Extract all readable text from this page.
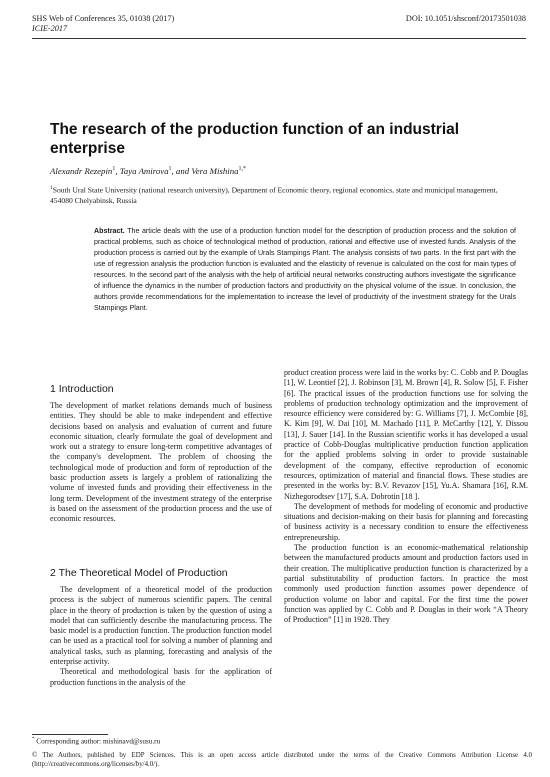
SHS Web of Conferences 35, 01038 (2017)
ICIE-2017
DOI: 10.1051/shsconf/20173501038
The research of the production function of an industrial enterprise
Alexandr Rezepin$^1$, Taya Amirova$^1$, and Vera Mishina$^{1,*}$
$^1$South Ural State University (national research university), Department of Economic theory, regional economics, state and municipal management, 454080 Chelyabinsk, Russia
Abstract. The article deals with the use of a production function model for the description of production process and the solution of practical problems, such as choice of technological method of production, rational and effective use of invested funds. Analysis of the production process is carried out by the example of Urals Stampings Plant. The analysis consists of two parts. In the first part with the use of regression analysis the production function is evaluated and the elasticity of revenue is calculated on the cost for main types of resources. In the second part of the analysis with the help of artificial neural networks constructing authors investigate the significance of influence the dynamics in the number of production factors and productivity on the physical volume of the issue. In conclusion, the authors provide recommendations for the implementation to increase the level of productivity of the investment strategy for the Urals Stampings Plant.
1 Introduction

The development of market relations demands much of business entities. They should be able to make independent and effective decisions based on analysis and evaluation of current and future economic situation, clearly formulate the goal of development and work out a strategy to ensure long-term competitive advantages of the company's development. The problem of choosing the technological mode of production and form of reproduction of the basic production assets is largely a problem of rationalizing the volume of invested funds and providing their effectiveness in the long term. Development of the investment strategy of the enterprise is based on the assessment of the production process and the use of economic resources.

2 The Theoretical Model of Production

The development of a theoretical model of the production process is the subject of numerous scientific papers. The central place in the theory of production is taken by the question of using a model that can sufficiently describe the manufacturing process. The basic model is a production function. The production function model can be used as a practical tool for solving a number of planning and analytical tasks, such as planning, forecasting and analysis of the enterprise activity.

Theoretical and methodological basis for the application of production functions in the analysis of the

product creation process were laid in the works by: C. Cobb and P. Douglas [1], W. Leontief [2], J. Robinson [3], M. Brown [4], R. Solow [5], F. Fisher [6]. The practical issues of the production functions use for solving the problems of production technology optimization and the improvement of resource efficiency were considered by: G. Williams [7], J. McCombie [8], K. Kim [9], W. Dai [10], M. Machado [11], P. McCarthy [12], Y. Dissou [13], J. Sauer [14]. In the Russian scientific works it has developed a usual practice of Cobb-Douglas multiplicative production function application for the applied problems solving in order to provide sustainable development of the company, effective reproduction of economic resources, optimization of material and financial flows. These studies are presented in the works by: B.V. Revazov [15], Yu.A. Shamara [16], R.M. Nizhegorodtsev [17], S.A. Dobrotin [18 ].

The development of methods for modeling of economic and productive situations and decision-making on their basis for planning and forecasting of business activity is a necessary condition to ensure the effectiveness entrepreneurship.

The production function is an economic-mathematical relationship between the manufactured products amount and production factors used in their creation. The multiplicative production function is characterized by a partial substitutability of production factors. In practice the most commonly used production function assumes power dependence of production volume on labor and capital. For the first time the power function was applied by C. Cobb and P. Douglas in their work “A Theory of Production” [1] in 1928. They

* Corresponding author: mishinavd@susu.ru
© The Authors, published by EDP Sciences. This is an open access article distributed under the terms of the Creative Commons Attribution License 4.0 (http://creativecommons.org/licenses/by/4.0/).
